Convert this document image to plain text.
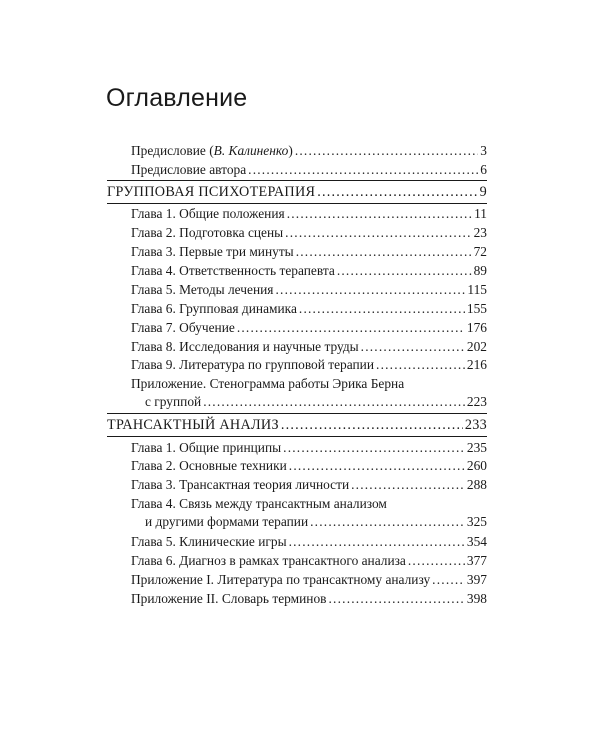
Оглавление
Предисловие (В. Калиненко) .....	3
Предисловие автора .....	6
ГРУППОВАЯ ПСИХОТЕРАПИЯ .....	9
Глава 1. Общие положения .....	11
Глава 2. Подготовка сцены .....	23
Глава 3. Первые три минуты .....	72
Глава 4. Ответственность терапевта .....	89
Глава 5. Методы лечения .....	115
Глава 6. Групповая динамика .....	155
Глава 7. Обучение .....	176
Глава 8. Исследования и научные труды .....	202
Глава 9. Литература по групповой терапии .....	216
Приложение. Стенограмма работы Эрика Берна
с группой .....	223
ТРАНСАКТНЫЙ АНАЛИЗ .....	233
Глава 1. Общие принципы .....	235
Глава 2. Основные техники .....	260
Глава 3. Трансактная теория личности .....	288
Глава 4. Связь между трансактным анализом
и другими формами терапии .....	325
Глава 5. Клинические игры .....	354
Глава 6. Диагноз в рамках трансактного анализа .....	377
Приложение I. Литература по трансактному анализу .....	397
Приложение II. Словарь терминов .....	398
